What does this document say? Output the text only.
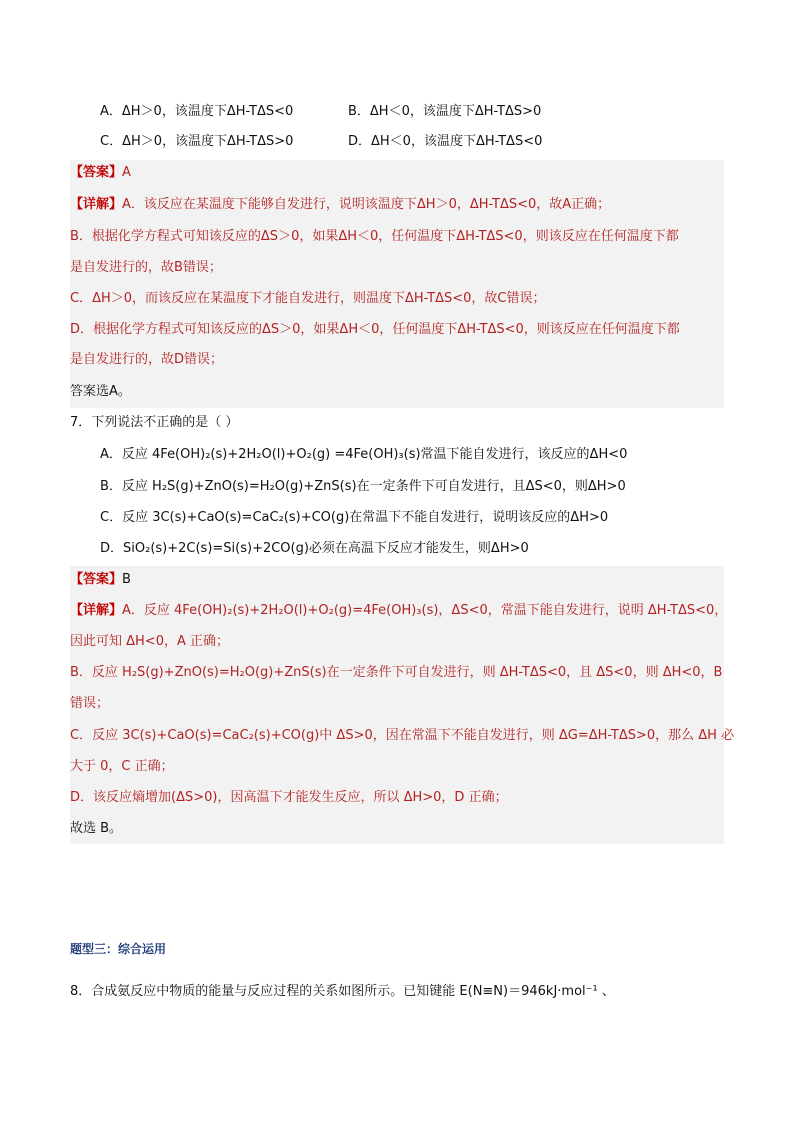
A．ΔH＞0，该温度下ΔH-TΔS<0	B．ΔH＜0，该温度下ΔH-TΔS>0
C．ΔH＞0，该温度下ΔH-TΔS>0	D．ΔH＜0，该温度下ΔH-TΔS<0
【答案】A
【详解】A．该反应在某温度下能够自发进行，说明该温度下ΔH＞0，ΔH-TΔS<0，故A正确；
B．根据化学方程式可知该反应的ΔS＞0，如果ΔH＜0，任何温度下ΔH-TΔS<0，则该反应在任何温度下都
是自发进行的，故B错误；
C．ΔH＞0，而该反应在某温度下才能自发进行，则温度下ΔH-TΔS<0，故C错误；
D．根据化学方程式可知该反应的ΔS＞0，如果ΔH＜0，任何温度下ΔH-TΔS<0，则该反应在任何温度下都
是自发进行的，故D错误；
答案选A。
7．下列说法不正确的是（ ）
A．反应 4Fe(OH)₂(s)+2H₂O(l)+O₂(g) =4Fe(OH)₃(s)常温下能自发进行，该反应的ΔH<0
B．反应 H₂S(g)+ZnO(s)=H₂O(g)+ZnS(s)在一定条件下可自发进行，且ΔS<0，则ΔH>0
C．反应 3C(s)+CaO(s)=CaC₂(s)+CO(g)在常温下不能自发进行，说明该反应的ΔH>0
D．SiO₂(s)+2C(s)=Si(s)+2CO(g)必须在高温下反应才能发生，则ΔH>0
【答案】B
【详解】A．反应 4Fe(OH)₂(s)+2H₂O(l)+O₂(g)=4Fe(OH)₃(s)，ΔS<0，常温下能自发进行，说明 ΔH-TΔS<0，
因此可知 ΔH<0，A 正确；
B．反应 H₂S(g)+ZnO(s)=H₂O(g)+ZnS(s)在一定条件下可自发进行，则 ΔH-TΔS<0，且 ΔS<0，则 ΔH<0，B
错误；
C．反应 3C(s)+CaO(s)=CaC₂(s)+CO(g)中 ΔS>0，因在常温下不能自发进行，则 ΔG=ΔH-TΔS>0，那么 ΔH 必
大于 0，C 正确；
D．该反应熵增加(ΔS>0)，因高温下才能发生反应，所以 ΔH>0，D 正确；
故选 B。
题型三：综合运用
8．合成氨反应中物质的能量与反应过程的关系如图所示。已知键能 E(N≡N)＝946kJ·mol⁻¹ 、
